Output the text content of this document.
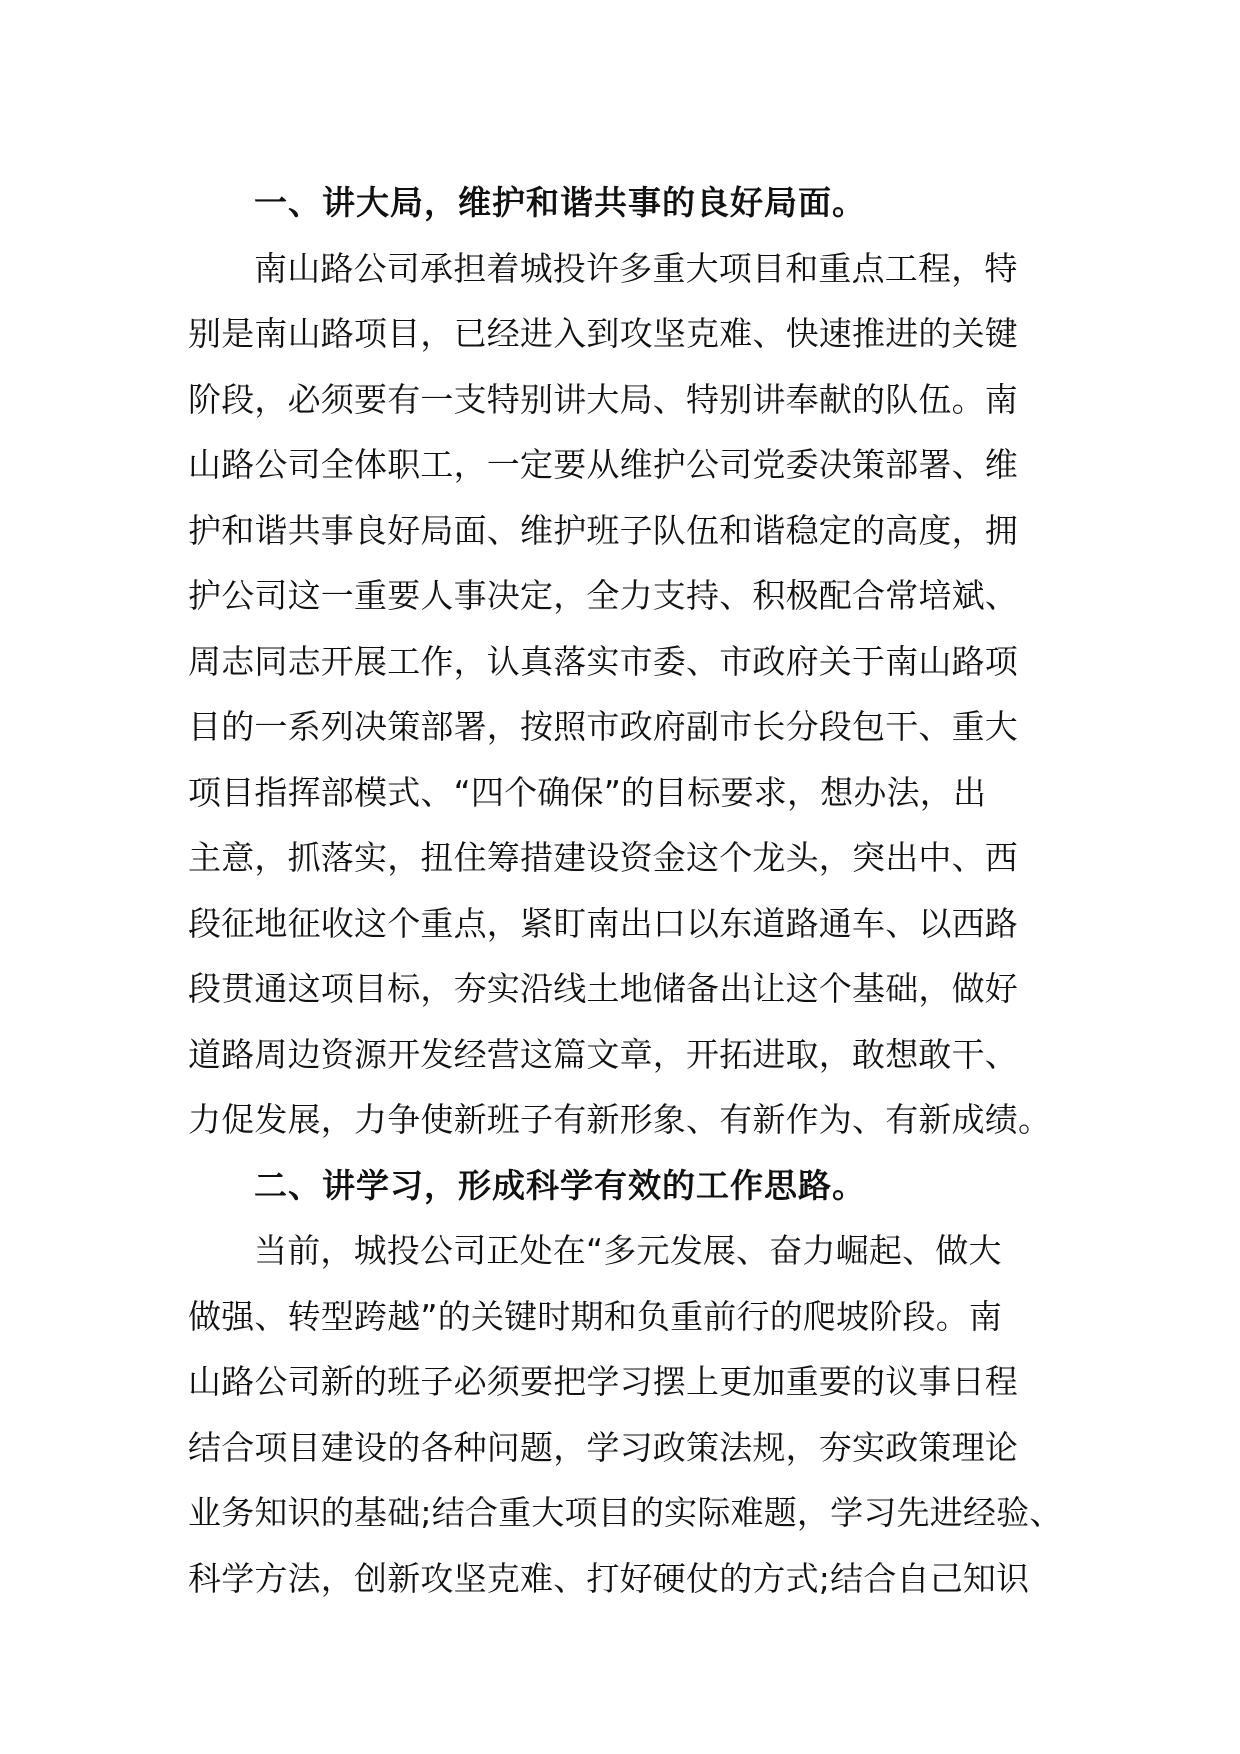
一、讲大局，维护和谐共事的良好局面。
南山路公司承担着城投许多重大项目和重点工程，特
别是南山路项目，已经进入到攻坚克难、快速推进的关键
阶段，必须要有一支特别讲大局、特别讲奉献的队伍。南
山路公司全体职工，一定要从维护公司党委决策部署、维
护和谐共事良好局面、维护班子队伍和谐稳定的高度，拥
护公司这一重要人事决定，全力支持、积极配合常培斌、
周志同志开展工作，认真落实市委、市政府关于南山路项
目的一系列决策部署，按照市政府副市长分段包干、重大
项目指挥部模式、“四个确保”的目标要求，想办法，出
主意，抓落实，扭住筹措建设资金这个龙头，突出中、西
段征地征收这个重点，紧盯南出口以东道路通车、以西路
段贯通这项目标，夯实沿线土地储备出让这个基础，做好
道路周边资源开发经营这篇文章，开拓进取，敢想敢干、
力促发展，力争使新班子有新形象、有新作为、有新成绩。
二、讲学习，形成科学有效的工作思路。
当前，城投公司正处在“多元发展、奋力崛起、做大
做强、转型跨越”的关键时期和负重前行的爬坡阶段。南
山路公司新的班子必须要把学习摆上更加重要的议事日程
结合项目建设的各种问题，学习政策法规，夯实政策理论
业务知识的基础;结合重大项目的实际难题，学习先进经验、
科学方法，创新攻坚克难、打好硬仗的方式;结合自己知识
